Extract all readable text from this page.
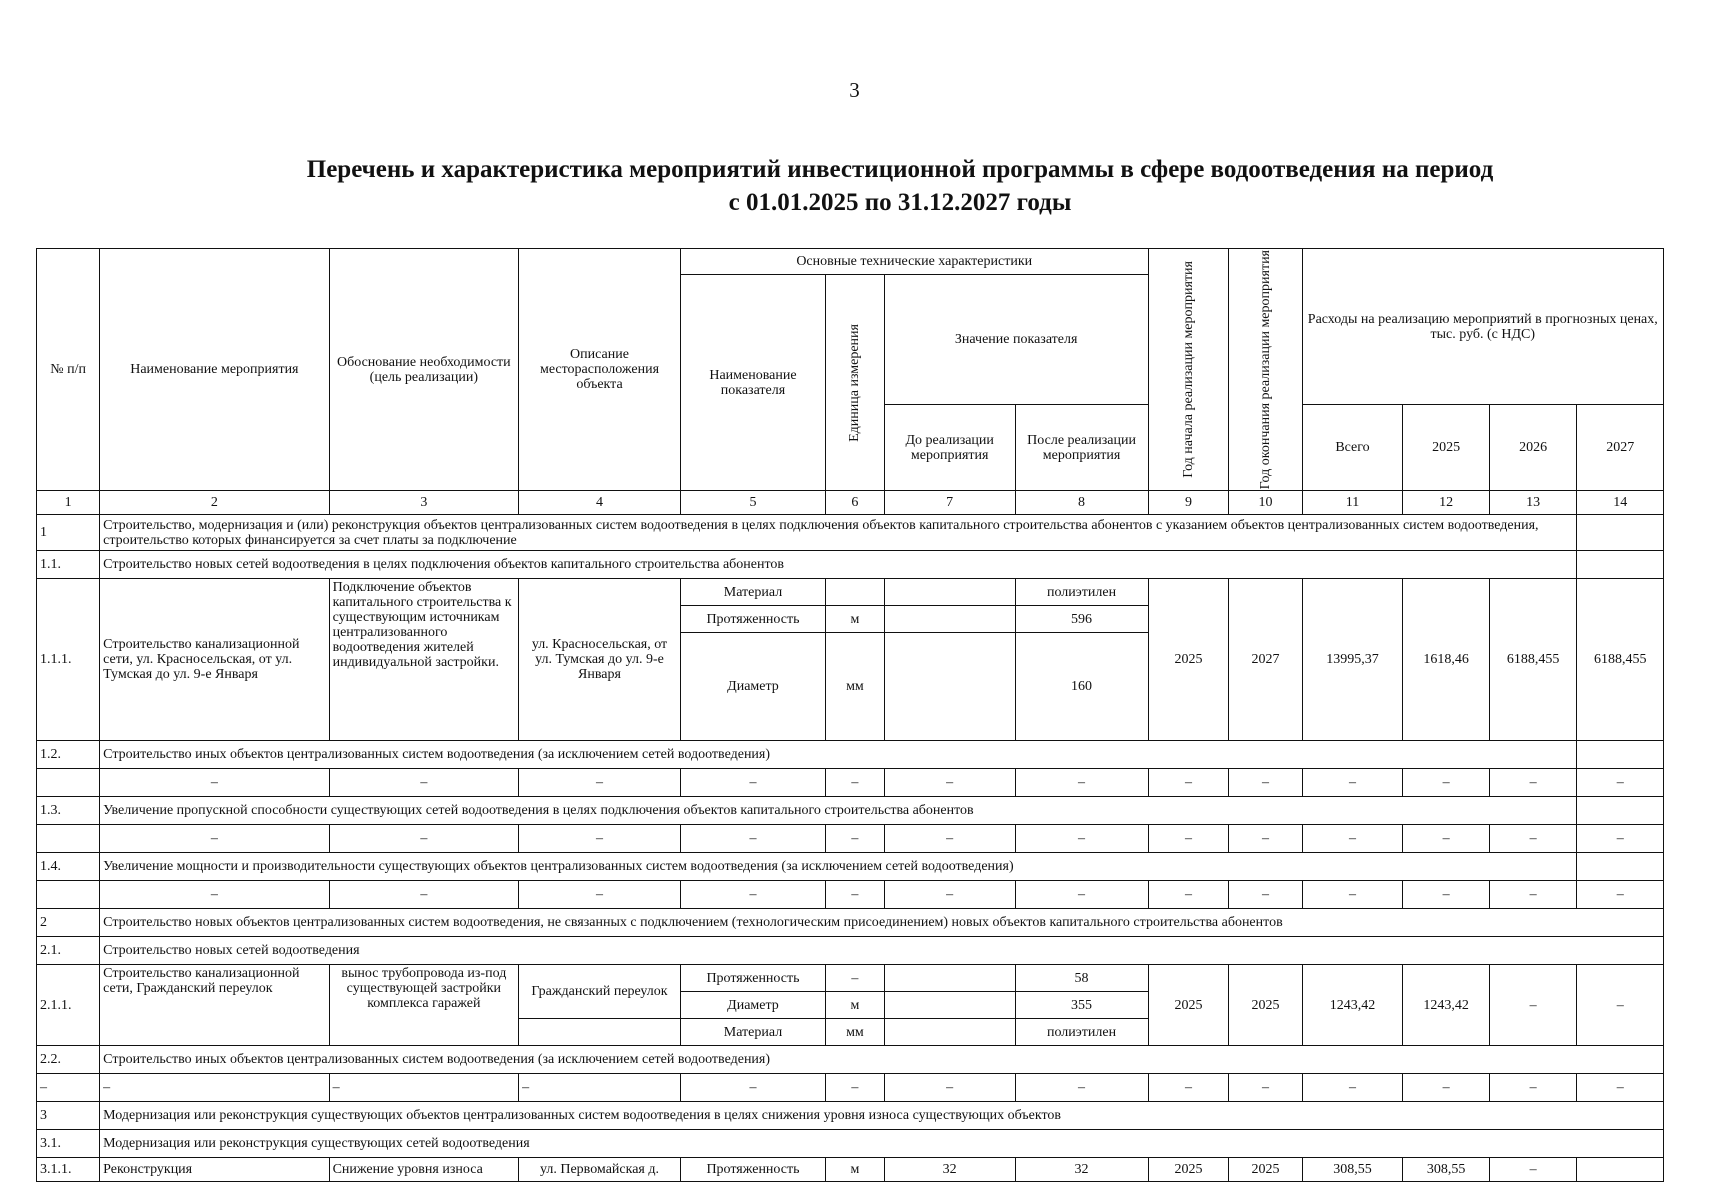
3
Перечень и характеристика мероприятий инвестиционной программы в сфере водоотведения на период
с 01.01.2025 по 31.12.2027 годы
№ п/п	Наименование мероприятия	Обоснование необходимости (цель реализации)	Описание месторасположения объекта	Основные технические характеристики				Год начала реализации мероприятия	Год окончания реализации мероприятия	Расходы на реализацию мероприятий в прогнозных ценах, тыс. руб. (с НДС)			
				Наименование показателя	Единица измерения	Значение показателя							
						До реализации мероприятия	После реализации мероприятия			Всего	2025	2026	2027
1	2	3	4	5	6	7	8	9	10	11	12	13	14
1	Строительство, модернизация и (или) реконструкция объектов централизованных систем водоотведения в целях подключения объектов капитального строительства абонентов с указанием объектов централизованных систем водоотведения, строительство которых финансируется за счет платы за подключение												
1.1.	Строительство новых сетей водоотведения в целях подключения объектов капитального строительства абонентов												
1.1.1.	Строительство канализационной сети, ул. Красносельская, от ул. Тумская до ул. 9-е Января	Подключение объектов капитального строительства к существующим источникам централизованного водоотведения жителей индивидуальной застройки.	ул. Красносельская, от ул. Тумская до ул. 9-е Января	Материал			полиэтилен	2025	2027	13995,37	1618,46	6188,455	6188,455
				Протяженность	м		596						
				Диаметр	мм		160						
1.2.	Строительство иных объектов централизованных систем водоотведения (за исключением сетей водоотведения)												
	–	–	–	–	–	–	–	–	–	–	–	–	–
1.3.	Увеличение пропускной способности существующих сетей водоотведения в целях подключения объектов капитального строительства абонентов												
	–	–	–	–	–	–	–	–	–	–	–	–	–
1.4.	Увеличение мощности и производительности существующих объектов централизованных систем водоотведения (за исключением сетей водоотведения)												
	–	–	–	–	–	–	–	–	–	–	–	–	–
2	Строительство новых объектов централизованных систем водоотведения, не связанных с подключением (технологическим присоединением) новых объектов капитального строительства абонентов												
2.1.	Строительство новых сетей водоотведения												
2.1.1.	Строительство канализационной сети, Гражданский переулок	вынос трубопровода из-под существующей застройки комплекса гаражей	Гражданский переулок	Протяженность	–		58	2025	2025	1243,42	1243,42	–	–
				Диаметр	м		355						
				Материал	мм		полиэтилен						
2.2.	Строительство иных объектов централизованных систем водоотведения (за исключением сетей водоотведения)												
–	–	–	–	–	–	–	–	–	–	–	–	–	–
3	Модернизация или реконструкция существующих объектов централизованных систем водоотведения в целях снижения уровня износа существующих объектов												
3.1.	Модернизация или реконструкция существующих сетей водоотведения												
3.1.1.	Реконструкция	Снижение уровня износа	ул. Первомайская д.	Протяженность	м	32	32	2025	2025	308,55	308,55	–	
